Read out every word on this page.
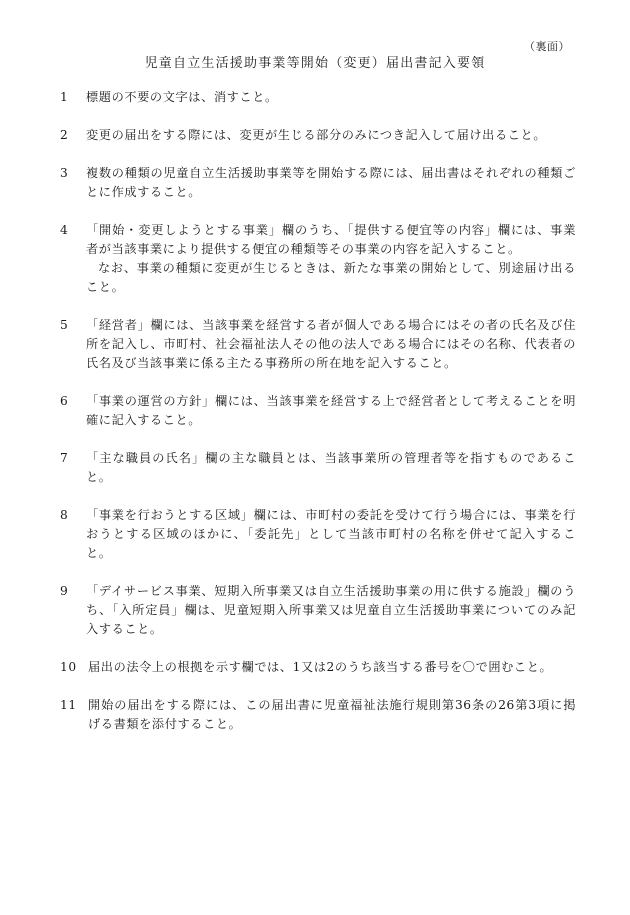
（裏面）
児童自立生活援助事業等開始（変更）届出書記入要領
1	標題の不要の文字は、消すこと。
2	変更の届出をする際には、変更が生じる部分のみにつき記入して届け出ること。
3	複数の種類の児童自立生活援助事業等を開始する際には、届出書はそれぞれの種類ごとに作成すること。
4	「開始・変更しようとする事業」欄のうち、「提供する便宜等の内容」欄には、事業者が当該事業により提供する便宜の種類等その事業の内容を記入すること。
なお、事業の種類に変更が生じるときは、新たな事業の開始として、別途届け出ること。
5	「経営者」欄には、当該事業を経営する者が個人である場合にはその者の氏名及び住所を記入し、市町村、社会福祉法人その他の法人である場合にはその名称、代表者の氏名及び当該事業に係る主たる事務所の所在地を記入すること。
6	「事業の運営の方針」欄には、当該事業を経営する上で経営者として考えることを明確に記入すること。
7	「主な職員の氏名」欄の主な職員とは、当該事業所の管理者等を指すものであること。
8	「事業を行おうとする区域」欄には、市町村の委託を受けて行う場合には、事業を行おうとする区域のほかに、「委託先」として当該市町村の名称を併せて記入すること。
9	「デイサービス事業、短期入所事業又は自立生活援助事業の用に供する施設」欄のうち、「入所定員」欄は、児童短期入所事業又は児童自立生活援助事業についてのみ記入すること。
10 届出の法令上の根拠を示す欄では、1又は2のうち該当する番号を〇で囲むこと。
11 開始の届出をする際には、この届出書に児童福祉法施行規則第36条の26第3項に掲げる書類を添付すること。
